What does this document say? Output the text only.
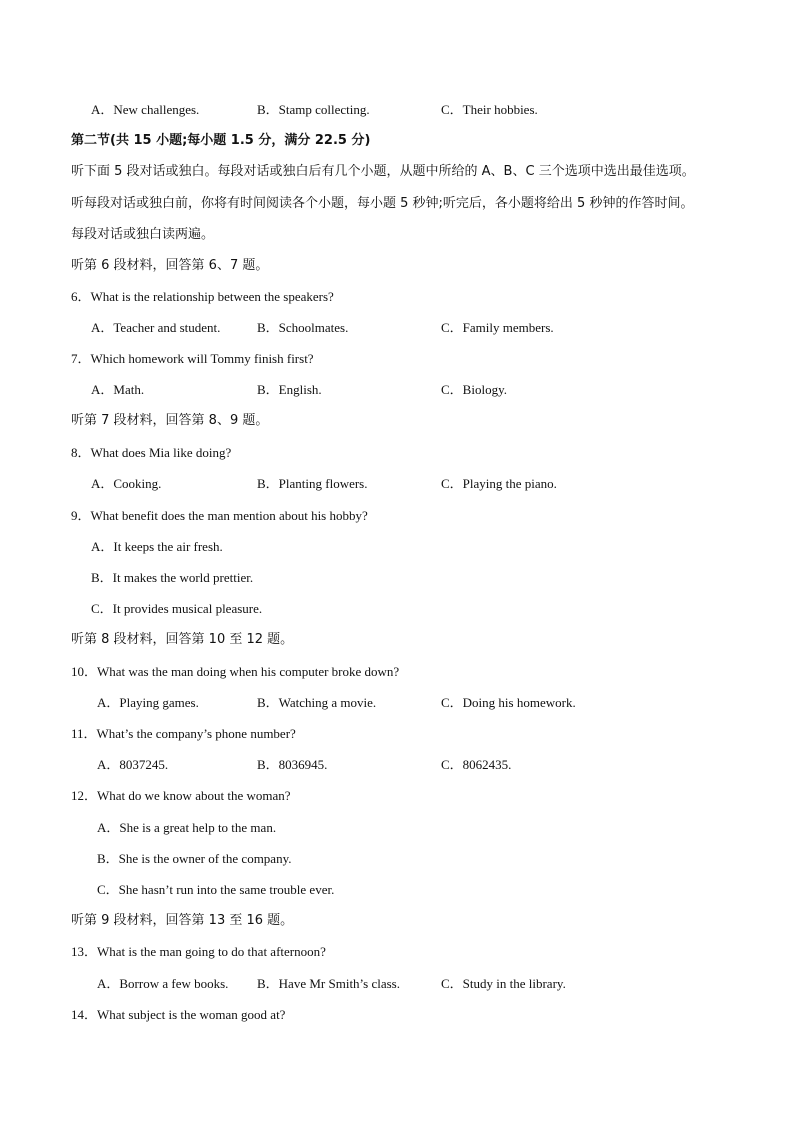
A．New challenges.	B．Stamp collecting.	C．Their hobbies.
第二节(共 15 小题;每小题 1.5 分，满分 22.5 分)
听下面 5 段对话或独白。每段对话或独白后有几个小题，从题中所给的 A、B、C 三个选项中选出最佳选项。
听每段对话或独白前，你将有时间阅读各个小题，每小题 5 秒钟;听完后，各小题将给出 5 秒钟的作答时间。
每段对话或独白读两遍。
听第 6 段材料，回答第 6、7 题。
6．What is the relationship between the speakers?
A．Teacher and student.	B．Schoolmates.	C．Family members.
7．Which homework will Tommy finish first?
A．Math.	B．English.	C．Biology.
听第 7 段材料，回答第 8、9 题。
8．What does Mia like doing?
A．Cooking.	B．Planting flowers.	C．Playing the piano.
9．What benefit does the man mention about his hobby?
A．It keeps the air fresh.
B．It makes the world prettier.
C．It provides musical pleasure.
听第 8 段材料，回答第 10 至 12 题。
10．What was the man doing when his computer broke down?
A．Playing games.	B．Watching a movie.	C．Doing his homework.
11．What’s the company’s phone number?
A．8037245.	B．8036945.	C．8062435.
12．What do we know about the woman?
A．She is a great help to the man.
B．She is the owner of the company.
C．She hasn’t run into the same trouble ever.
听第 9 段材料，回答第 13 至 16 题。
13．What is the man going to do that afternoon?
A．Borrow a few books. B．Have Mr Smith’s class.	C．Study in the library.
14．What subject is the woman good at?
